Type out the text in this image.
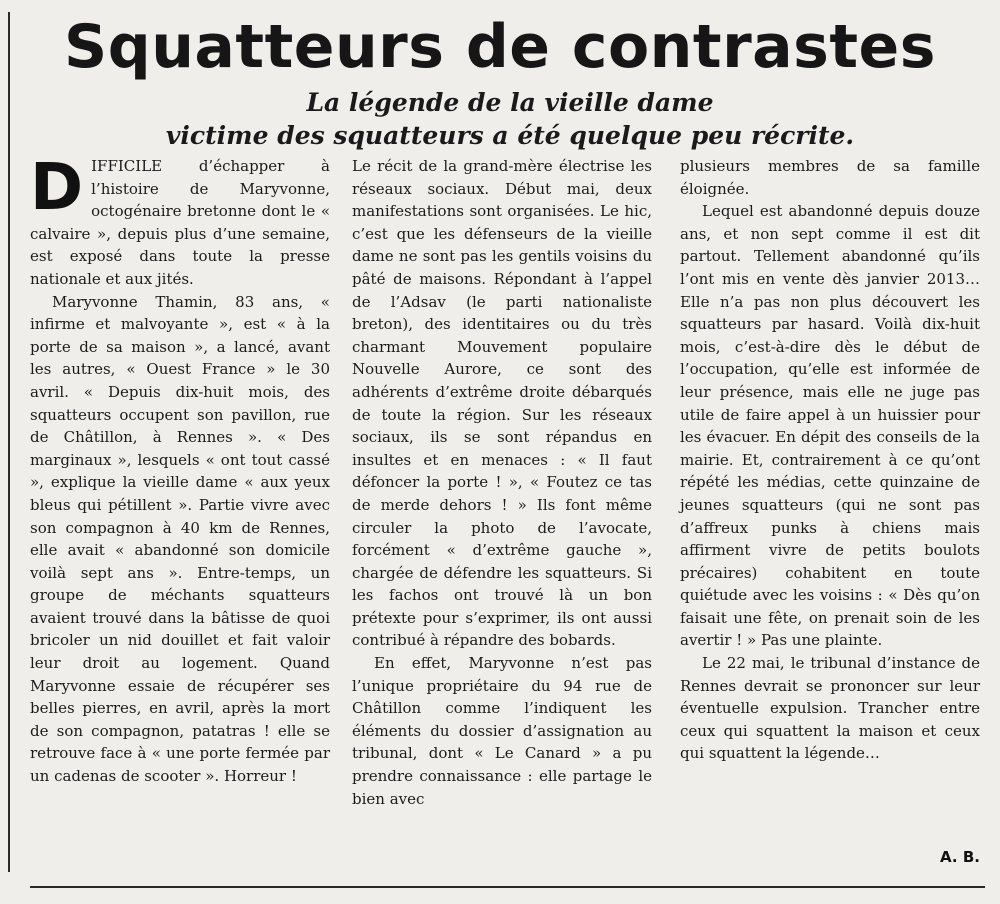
Squatteurs de contrastes
La légende de la vieille dame
victime des squatteurs a été quelque peu récrite.

DIFFICILE d’échapper à l’histoire de Maryvonne, octogénaire bretonne dont le « calvaire », depuis plus d’une semaine, est exposé dans toute la presse nationale et aux jités.

Maryvonne Thamin, 83 ans, « infirme et malvoyante », est « à la porte de sa maison », a lancé, avant les autres, « Ouest France » le 30 avril. « Depuis dix-huit mois, des squatteurs occupent son pavillon, rue de Châtillon, à Rennes ». « Des marginaux », lesquels « ont tout cassé », explique la vieille dame « aux yeux bleus qui pétillent ». Partie vivre avec son compagnon à 40 km de Rennes, elle avait « abandonné son domicile voilà sept ans ». Entre-temps, un groupe de méchants squatteurs avaient trouvé dans la bâtisse de quoi bricoler un nid douillet et fait valoir leur droit au logement. Quand Maryvonne essaie de récupérer ses belles pierres, en avril, après la mort de son compagnon, patatras ! elle se retrouve face à « une porte fermée par un cadenas de scooter ». Horreur !

Le récit de la grand-mère électrise les réseaux sociaux. Début mai, deux manifestations sont organisées. Le hic, c’est que les défenseurs de la vieille dame ne sont pas les gentils voisins du pâté de maisons. Répondant à l’appel de l’Adsav (le parti nationaliste breton), des identitaires ou du très charmant Mouvement populaire Nouvelle Aurore, ce sont des adhérents d’extrême droite débarqués de toute la région. Sur les réseaux sociaux, ils se sont répandus en insultes et en menaces : « Il faut défoncer la porte ! », « Foutez ce tas de merde dehors ! » Ils font même circuler la photo de l’avocate, forcément « d’extrême gauche », chargée de défendre les squatteurs. Si les fachos ont trouvé là un bon prétexte pour s’exprimer, ils ont aussi contribué à répandre des bobards.

En effet, Maryvonne n’est pas l’unique propriétaire du 94 rue de Châtillon comme l’indiquent les éléments du dossier d’assignation au tribunal, dont « Le Canard » a pu prendre connaissance : elle partage le bien avec

plusieurs membres de sa famille éloignée.

Lequel est abandonné depuis douze ans, et non sept comme il est dit partout. Tellement abandonné qu’ils l’ont mis en vente dès janvier 2013… Elle n’a pas non plus découvert les squatteurs par hasard. Voilà dix-huit mois, c’est-à-dire dès le début de l’occupation, qu’elle est informée de leur présence, mais elle ne juge pas utile de faire appel à un huissier pour les évacuer. En dépit des conseils de la mairie. Et, contrairement à ce qu’ont répété les médias, cette quinzaine de jeunes squatteurs (qui ne sont pas d’affreux punks à chiens mais affirment vivre de petits boulots précaires) cohabitent en toute quiétude avec les voisins : « Dès qu’on faisait une fête, on prenait soin de les avertir ! » Pas une plainte.

Le 22 mai, le tribunal d’instance de Rennes devrait se prononcer sur leur éventuelle expulsion. Trancher entre ceux qui squattent la maison et ceux qui squattent la légende…

A. B.
